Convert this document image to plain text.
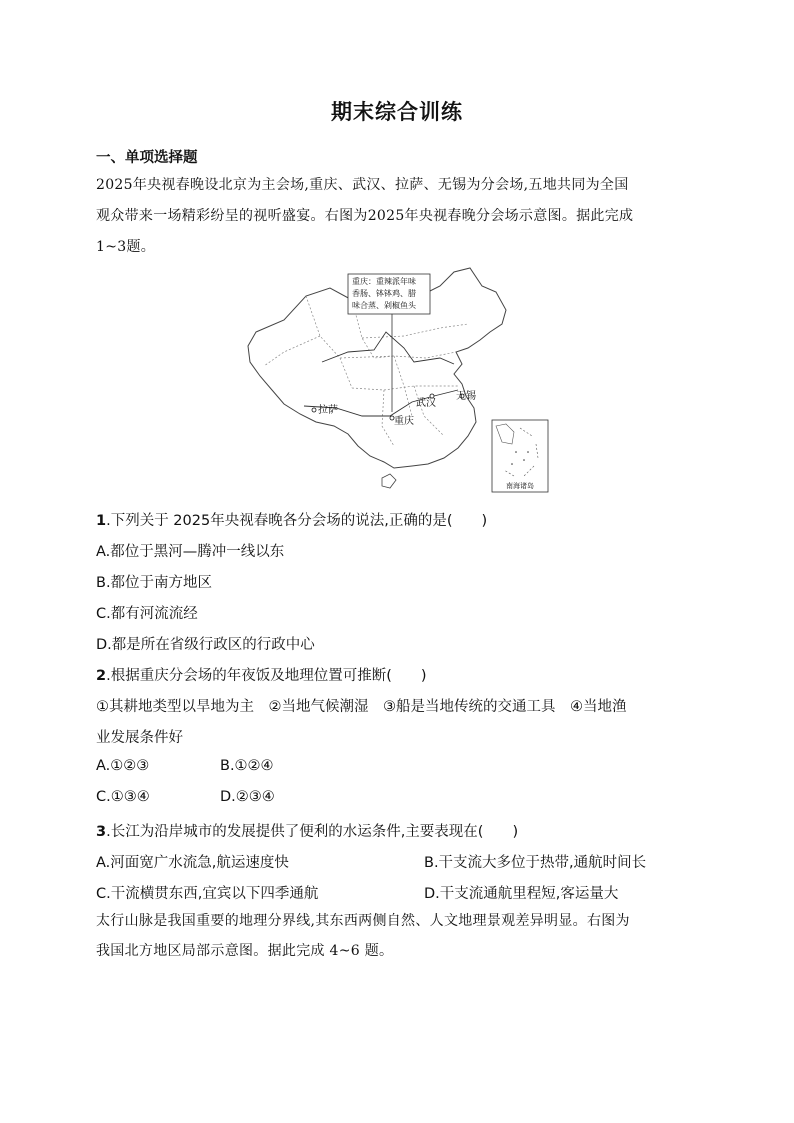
期末综合训练
一、单项选择题
2025年央视春晚设北京为主会场,重庆、武汉、拉萨、无锡为分会场,五地共同为全国
观众带来一场精彩纷呈的视听盛宴。右图为2025年央视春晚分会场示意图。据此完成
1~3题。
重庆：重辣派年味
香肠、钵钵鸡、腊
味合蒸、剁椒鱼头
拉萨
重庆
武汉
无锡
南海诸岛
1.下列关于 2025年央视春晚各分会场的说法,正确的是(　　)
A.都位于黑河—腾冲一线以东
B.都位于南方地区
C.都有河流流经
D.都是所在省级行政区的行政中心
2.根据重庆分会场的年夜饭及地理位置可推断(　　)
①其耕地类型以旱地为主　②当地气候潮湿　③船是当地传统的交通工具　④当地渔
业发展条件好
A.①②③	B.①②④
C.①③④	D.②③④
3.长江为沿岸城市的发展提供了便利的水运条件,主要表现在(　　)
A.河面宽广水流急,航运速度快	B.干支流大多位于热带,通航时间长
C.干流横贯东西,宜宾以下四季通航	D.干支流通航里程短,客运量大
太行山脉是我国重要的地理分界线,其东西两侧自然、人文地理景观差异明显。右图为
我国北方地区局部示意图。据此完成 4~6 题。
